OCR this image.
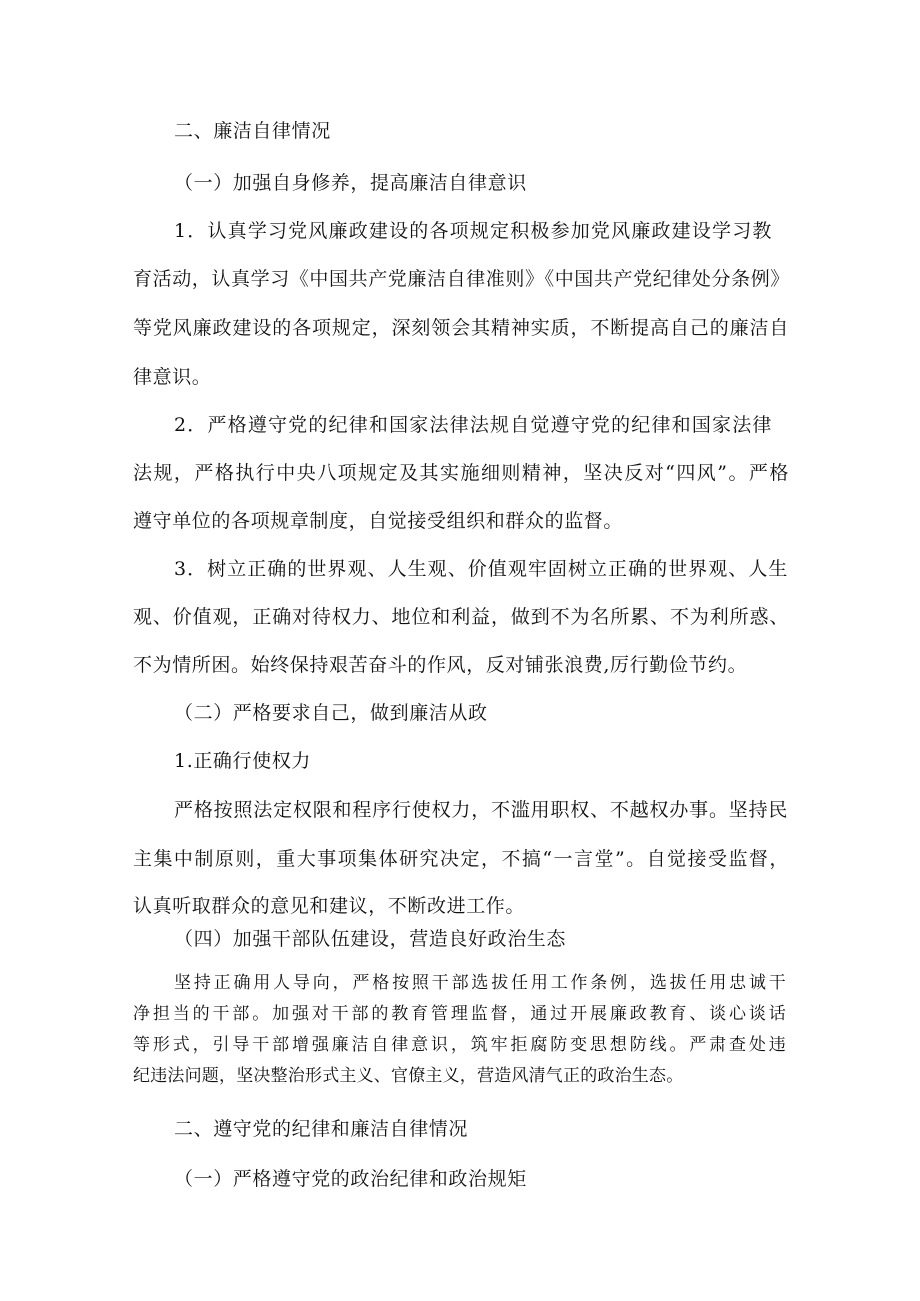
二、廉洁自律情况

（一）加强自身修养，提高廉洁自律意识

1．认真学习党风廉政建设的各项规定积极参加党风廉政建设学习教

育活动，认真学习《中国共产党廉洁自律准则》《中国共产党纪律处分条例》

等党风廉政建设的各项规定，深刻领会其精神实质，不断提高自己的廉洁自

律意识。

2．严格遵守党的纪律和国家法律法规自觉遵守党的纪律和国家法律

法规，严格执行中央八项规定及其实施细则精神，坚决反对“四风”。严格

遵守单位的各项规章制度，自觉接受组织和群众的监督。

3．树立正确的世界观、人生观、价值观牢固树立正确的世界观、人生

观、价值观，正确对待权力、地位和利益，做到不为名所累、不为利所惑、

不为情所困。始终保持艰苦奋斗的作风，反对铺张浪费,厉行勤俭节约。

（二）严格要求自己，做到廉洁从政

1.正确行使权力

严格按照法定权限和程序行使权力，不滥用职权、不越权办事。坚持民

主集中制原则，重大事项集体研究决定，不搞“一言堂”。自觉接受监督，

认真听取群众的意见和建议，不断改进工作。

（四）加强干部队伍建设，营造良好政治生态

坚持正确用人导向，严格按照干部选拔任用工作条例，选拔任用忠诚干

净担当的干部。加强对干部的教育管理监督，通过开展廉政教育、谈心谈话

等形式，引导干部增强廉洁自律意识，筑牢拒腐防变思想防线。严肃查处违

纪违法问题，坚决整治形式主义、官僚主义，营造风清气正的政治生态。

二、遵守党的纪律和廉洁自律情况

（一）严格遵守党的政治纪律和政治规矩
